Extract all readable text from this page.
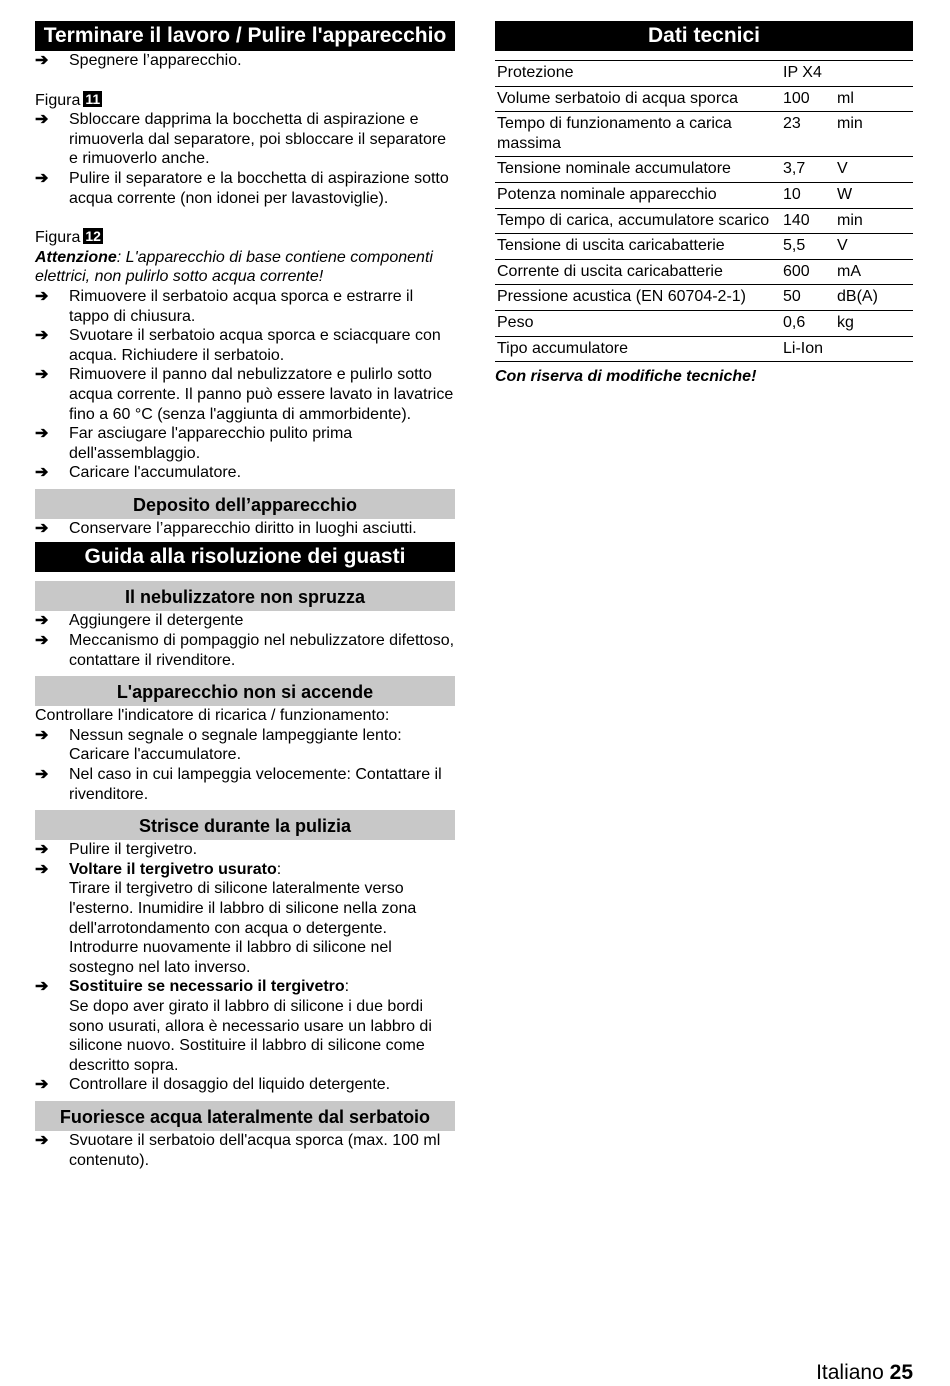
Terminare il lavoro / Pulire l'apparecchio
➔ Spegnere l’apparecchio.
Figura 11
➔ Sbloccare dapprima la bocchetta di aspirazione e rimuoverla dal separatore, poi sbloccare il separatore e rimuoverlo anche.
➔ Pulire il separatore e la bocchetta di aspirazione sotto acqua corrente (non idonei per lavastoviglie).
Figura 12
Attenzione: L'apparecchio di base contiene componenti elettrici, non pulirlo sotto acqua corrente!
➔ Rimuovere il serbatoio acqua sporca e estrarre il tappo di chiusura.
➔ Svuotare il serbatoio acqua sporca e sciacquare con acqua. Richiudere il serbatoio.
➔ Rimuovere il panno dal nebulizzatore e pulirlo sotto acqua corrente. Il panno può essere lavato in lavatrice fino a 60 °C (senza l'aggiunta di ammorbidente).
➔ Far asciugare l'apparecchio pulito prima dell'assemblaggio.
➔ Caricare l'accumulatore.
Deposito dell’apparecchio
➔ Conservare l’apparecchio diritto in luoghi asciutti.
Guida alla risoluzione dei guasti
Il nebulizzatore non spruzza
➔ Aggiungere il detergente
➔ Meccanismo di pompaggio nel nebulizzatore difettoso, contattare il rivenditore.
L'apparecchio non si accende
Controllare l'indicatore di ricarica / funzionamento:
➔ Nessun segnale o segnale lampeggiante lento: Caricare l'accumulatore.
➔ Nel caso in cui lampeggia velocemente: Contattare il rivenditore.
Strisce durante la pulizia
➔ Pulire il tergivetro.
➔ Voltare il tergivetro usurato:
Tirare il tergivetro di silicone lateralmente verso l'esterno. Inumidire il labbro di silicone nella zona dell'arrotondamento con acqua o detergente. Introdurre nuovamente il labbro di silicone nel sostegno nel lato inverso.
➔ Sostituire se necessario il tergivetro:
Se dopo aver girato il labbro di silicone i due bordi sono usurati, allora è necessario usare un labbro di silicone nuovo. Sostituire il labbro di silicone come descritto sopra.
➔ Controllare il dosaggio del liquido detergente.
Fuoriesce acqua lateralmente dal serbatoio
➔ Svuotare il serbatoio dell'acqua sporca (max. 100 ml contenuto).
Dati tecnici
Protezione	IP X4	
Volume serbatoio di acqua sporca	100	ml
Tempo di funzionamento a carica massima	23	min
Tensione nominale accumulatore	3,7	V
Potenza nominale apparecchio	10	W
Tempo di carica, accumulatore scarico	140	min
Tensione di uscita caricabatterie	5,5	V
Corrente di uscita caricabatterie	600	mA
Pressione acustica (EN 60704-2-1)	50	dB(A)
Peso	0,6	kg
Tipo accumulatore	Li-Ion	
Con riserva di modifiche tecniche!
Italiano 25
